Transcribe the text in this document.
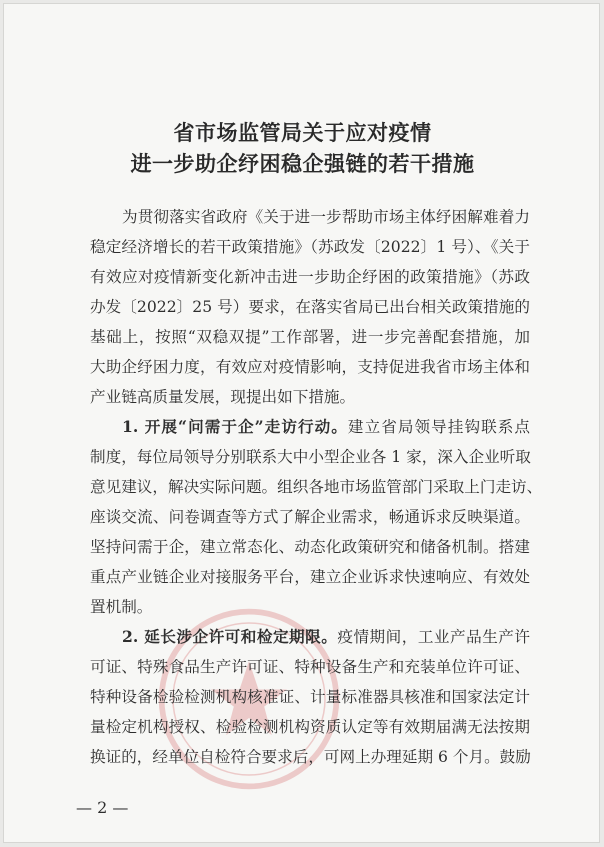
省市场监管局关于应对疫情
进一步助企纾困稳企强链的若干措施
为贯彻落实省政府《关于进一步帮助市场主体纾困解难着力
稳定经济增长的若干政策措施》（苏政发〔2022〕1 号）、《关于
有效应对疫情新变化新冲击进一步助企纾困的政策措施》（苏政
办发〔2022〕25 号）要求，在落实省局已出台相关政策措施的
基础上，按照“双稳双提”工作部署，进一步完善配套措施，加
大助企纾困力度，有效应对疫情影响，支持促进我省市场主体和
产业链高质量发展，现提出如下措施。
1. 开展“问需于企”走访行动。建立省局领导挂钩联系点
制度，每位局领导分别联系大中小型企业各 1 家，深入企业听取
意见建议，解决实际问题。组织各地市场监管部门采取上门走访、
座谈交流、问卷调查等方式了解企业需求，畅通诉求反映渠道。
坚持问需于企，建立常态化、动态化政策研究和储备机制。搭建
重点产业链企业对接服务平台，建立企业诉求快速响应、有效处
置机制。
2. 延长涉企许可和检定期限。疫情期间，工业产品生产许
可证、特殊食品生产许可证、特种设备生产和充装单位许可证、
特种设备检验检测机构核准证、计量标准器具核准和国家法定计
量检定机构授权、检验检测机构资质认定等有效期届满无法按期
换证的，经单位自检符合要求后，可网上办理延期 6 个月。鼓励
— 2 —
